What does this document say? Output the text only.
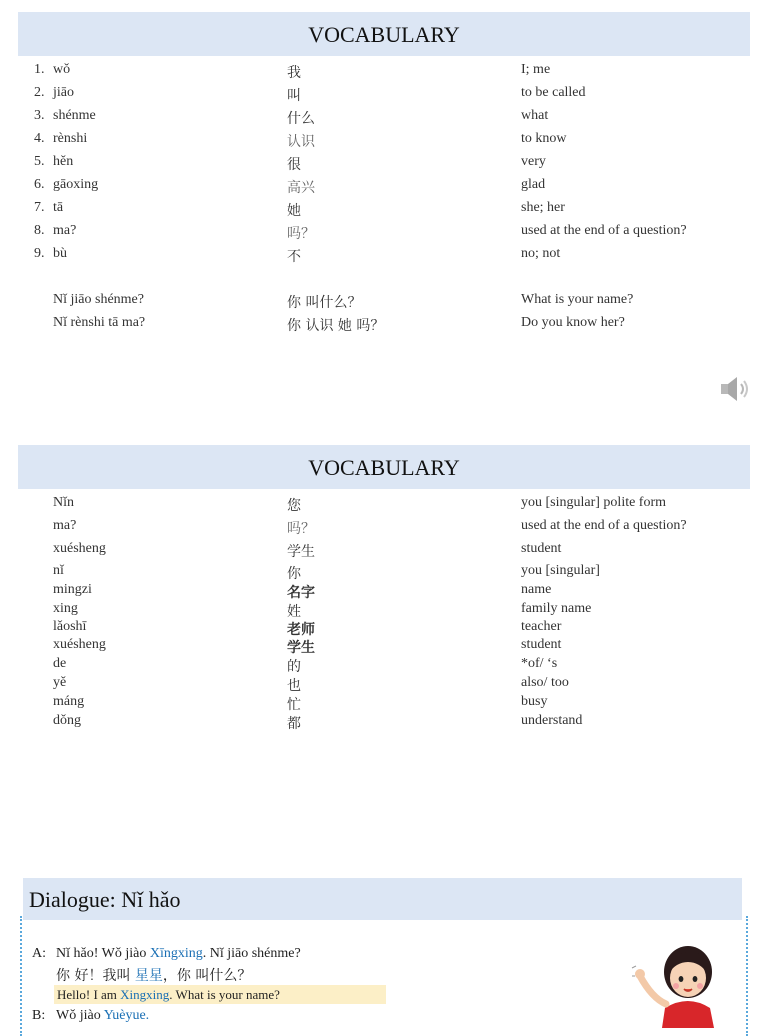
VOCABULARY
1. wǒ	我	I; me
2. jiāo	叫	to be called
3. shénme	什么	what
4. rènshi	认识	to know
5. hěn	很	very
6. gāoxing	高兴	glad
7. tā	她	she; her
8. ma?	吗？	used at the end of a question?
9. bù	不	no; not
Nǐ jiāo shénme?	你 叫什么？	What is your name?
Nǐ rènshi tā ma?	你 认识 她 吗？	Do you know her?
VOCABULARY
Nǐn	您	you [singular] polite form
ma?	吗？	used at the end of a question?
xuésheng	学生	student
nǐ	你	you [singular]
mingzi	名字	name
xing	姓	family name
lǎoshī	老师	teacher
xuésheng	学生	student
de	的	*of/ ‘s
yě	也	also/ too
máng	忙	busy
dǒng	都	understand
Dialogue: Nǐ hǎo
A: Nǐ hǎo! Wǒ jiào Xīngxing. Nǐ jiāo shénme?
你 好！我叫 星星，你 叫什么？
Hello! I am Xingxing. What is your name?
B: Wǒ jiào Yuèyue.
